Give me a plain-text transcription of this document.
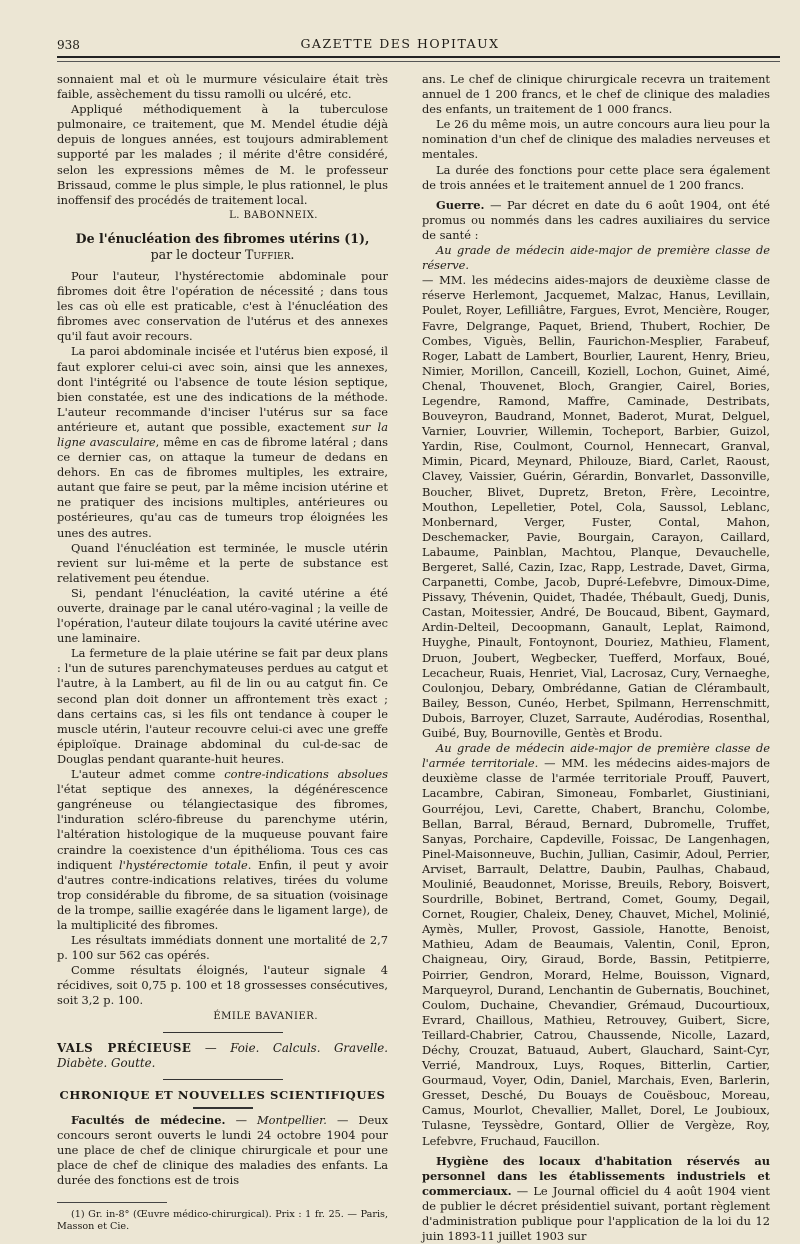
938	GAZETTE DES HOPITAUX

sonnaient mal et où le murmure vésiculaire était très faible, assèchement du tissu ramolli ou ulcéré, etc.

Appliqué méthodiquement à la tuberculose pulmonaire, ce traitement, que M. Mendel étudie déjà depuis de longues années, est toujours admirablement supporté par les malades ; il mérite d'être considéré, selon les expressions mêmes de M. le professeur Brissaud, comme le plus simple, le plus rationnel, le plus inoffensif des procédés de traitement local.

L. BABONNEIX.

De l'énucléation des fibromes utérins (1),
par le docteur Tuffier.

Pour l'auteur, l'hystérectomie abdominale pour fibromes doit être l'opération de nécessité ; dans tous les cas où elle est praticable, c'est à l'énucléation des fibromes avec conservation de l'utérus et des annexes qu'il faut avoir recours.

La paroi abdominale incisée et l'utérus bien exposé, il faut explorer celui-ci avec soin, ainsi que les annexes, dont l'intégrité ou l'absence de toute lésion septique, bien constatée, est une des indications de la méthode. L'auteur recommande d'inciser l'utérus sur sa face antérieure et, autant que possible, exactement sur la ligne avasculaire, même en cas de fibrome latéral ; dans ce dernier cas, on attaque la tumeur de dedans en dehors. En cas de fibromes multiples, les extraire, autant que faire se peut, par la même incision utérine et ne pratiquer des incisions multiples, antérieures ou postérieures, qu'au cas de tumeurs trop éloignées les unes des autres.

Quand l'énucléation est terminée, le muscle utérin revient sur lui-même et la perte de substance est relativement peu étendue.

Si, pendant l'énucléation, la cavité utérine a été ouverte, drainage par le canal utéro-vaginal ; la veille de l'opération, l'auteur dilate toujours la cavité utérine avec une laminaire.

La fermeture de la plaie utérine se fait par deux plans : l'un de sutures parenchymateuses perdues au catgut et l'autre, à la Lambert, au fil de lin ou au catgut fin. Ce second plan doit donner un affrontement très exact ; dans certains cas, si les fils ont tendance à couper le muscle utérin, l'auteur recouvre celui-ci avec une greffe épiploïque. Drainage abdominal du cul-de-sac de Douglas pendant quarante-huit heures.

L'auteur admet comme contre-indications absolues l'état septique des annexes, la dégénérescence gangréneuse ou télangiectasique des fibromes, l'induration scléro-fibreuse du parenchyme utérin, l'altération histologique de la muqueuse pouvant faire craindre la coexistence d'un épithélioma. Tous ces cas indiquent l'hystérectomie totale. Enfin, il peut y avoir d'autres contre-indications relatives, tirées du volume trop considérable du fibrome, de sa situation (voisinage de la trompe, saillie exagérée dans le ligament large), de la multiplicité des fibromes.

Les résultats immédiats donnent une mortalité de 2,7 p. 100 sur 562 cas opérés.

Comme résultats éloignés, l'auteur signale 4 récidives, soit 0,75 p. 100 et 18 grossesses consécutives, soit 3,2 p. 100.

ÉMILE BAVANIER.

VALS PRÉCIEUSE — Foie. Calculs. Gravelle. Diabète. Goutte.

CHRONIQUE ET NOUVELLES SCIENTIFIQUES

Facultés de médecine. — Montpellier. — Deux concours seront ouverts le lundi 24 octobre 1904 pour une place de chef de clinique chirurgicale et pour une place de chef de clinique des maladies des enfants. La durée des fonctions est de trois

(1) Gr. in-8° (Œuvre médico-chirurgical). Prix : 1 fr. 25. — Paris, Masson et Cie.

ans. Le chef de clinique chirurgicale recevra un traitement annuel de 1 200 francs, et le chef de clinique des maladies des enfants, un traitement de 1 000 francs.

Le 26 du même mois, un autre concours aura lieu pour la nomination d'un chef de clinique des maladies nerveuses et mentales.

La durée des fonctions pour cette place sera également de trois années et le traitement annuel de 1 200 francs.

Guerre. — Par décret en date du 6 août 1904, ont été promus ou nommés dans les cadres auxiliaires du service de santé :

Au grade de médecin aide-major de première classe de réserve.

— MM. les médecins aides-majors de deuxième classe de réserve Herlemont, Jacquemet, Malzac, Hanus, Levillain, Poulet, Royer, Lefilliâtre, Fargues, Evrot, Mencière, Rouger, Favre, Delgrange, Paquet, Briend, Thubert, Rochier, De Combes, Viguès, Bellin, Faurichon-Mesplier, Farabeuf, Roger, Labatt de Lambert, Bourlier, Laurent, Henry, Brieu, Nimier, Morillon, Canceill, Koziell, Lochon, Guinet, Aimé, Chenal, Thouvenet, Bloch, Grangier, Cairel, Bories, Legendre, Ramond, Maffre, Caminade, Destribats, Bouveyron, Baudrand, Monnet, Baderot, Murat, Delguel, Varnier, Louvrier, Willemin, Tocheport, Barbier, Guizol, Yardin, Rise, Coulmont, Cournol, Hennecart, Granval, Mimin, Picard, Meynard, Philouze, Biard, Carlet, Raoust, Clavey, Vaissier, Guérin, Gérardin, Bonvarlet, Dassonville, Boucher, Blivet, Dupretz, Breton, Frère, Lecointre, Mouthon, Lepelletier, Potel, Cola, Saussol, Leblanc, Monbernard, Verger, Fuster, Contal, Mahon, Deschemacker, Pavie, Bourgain, Carayon, Caillard, Labaume, Painblan, Machtou, Planque, Devauchelle, Bergeret, Sallé, Cazin, Izac, Rapp, Lestrade, Davet, Girma, Carpanetti, Combe, Jacob, Dupré-Lefebvre, Dimoux-Dime, Pissavy, Thévenin, Quidet, Thadée, Thébault, Guedj, Dunis, Castan, Moitessier, André, De Boucaud, Bibent, Gaymard, Ardin-Delteil, Decoopmann, Ganault, Leplat, Raimond, Huyghe, Pinault, Fontoynont, Douriez, Mathieu, Flament, Druon, Joubert, Wegbecker, Tuefferd, Morfaux, Boué, Lecacheur, Ruais, Henriet, Vial, Lacrosaz, Cury, Vernaeghe, Coulonjou, Debary, Ombrédanne, Gatian de Clérambault, Bailey, Besson, Cunéo, Herbet, Spilmann, Herrenschmitt, Dubois, Barroyer, Cluzet, Sarraute, Audérodias, Rosenthal, Guibé, Buy, Bournoville, Gentès et Brodu.

Au grade de médecin aide-major de première classe de l'armée territoriale. — MM. les médecins aides-majors de deuxième classe de l'armée territoriale Prouff, Pauvert, Lacambre, Cabiran, Simoneau, Fombarlet, Giustiniani, Gourréjou, Levi, Carette, Chabert, Branchu, Colombe, Bellan, Barral, Béraud, Bernard, Dubromelle, Truffet, Sanyas, Porchaire, Capdeville, Foissac, De Langenhagen, Pinel-Maisonneuve, Buchin, Jullian, Casimir, Adoul, Perrier, Arviset, Barrault, Delattre, Daubin, Paulhas, Chabaud, Moulinié, Beaudonnet, Morisse, Breuils, Rebory, Boisvert, Sourdrille, Bobinet, Bertrand, Comet, Goumy, Degail, Cornet, Rougier, Chaleix, Deney, Chauvet, Michel, Molinié, Aymès, Muller, Provost, Gassiole, Hanotte, Benoist, Mathieu, Adam de Beaumais, Valentin, Conil, Epron, Chaigneau, Oiry, Giraud, Borde, Bassin, Petitpierre, Poirrier, Gendron, Morard, Helme, Bouisson, Vignard, Marqueyrol, Durand, Lenchantin de Gubernatis, Bouchinet, Coulom, Duchaine, Chevandier, Grémaud, Ducourtioux, Evrard, Chaillous, Mathieu, Retrouvey, Guibert, Sicre, Teillard-Chabrier, Catrou, Chaussende, Nicolle, Lazard, Déchy, Crouzat, Batuaud, Aubert, Glauchard, Saint-Cyr, Verrié, Mandroux, Luys, Roques, Bitterlin, Cartier, Gourmaud, Voyer, Odin, Daniel, Marchais, Even, Barlerin, Gresset, Desché, Du Bouays de Couësbouc, Moreau, Camus, Mourlot, Chevallier, Mallet, Dorel, Le Joubioux, Tulasne, Teyssèdre, Gontard, Ollier de Vergèze, Roy, Lefebvre, Fruchaud, Faucillon.

Hygiène des locaux d'habitation réservés au personnel dans les établissements industriels et commerciaux. — Le Journal officiel du 4 août 1904 vient de publier le décret présidentiel suivant, portant règlement d'administration publique pour l'application de la loi du 12 juin 1893-11 juillet 1903 sur
